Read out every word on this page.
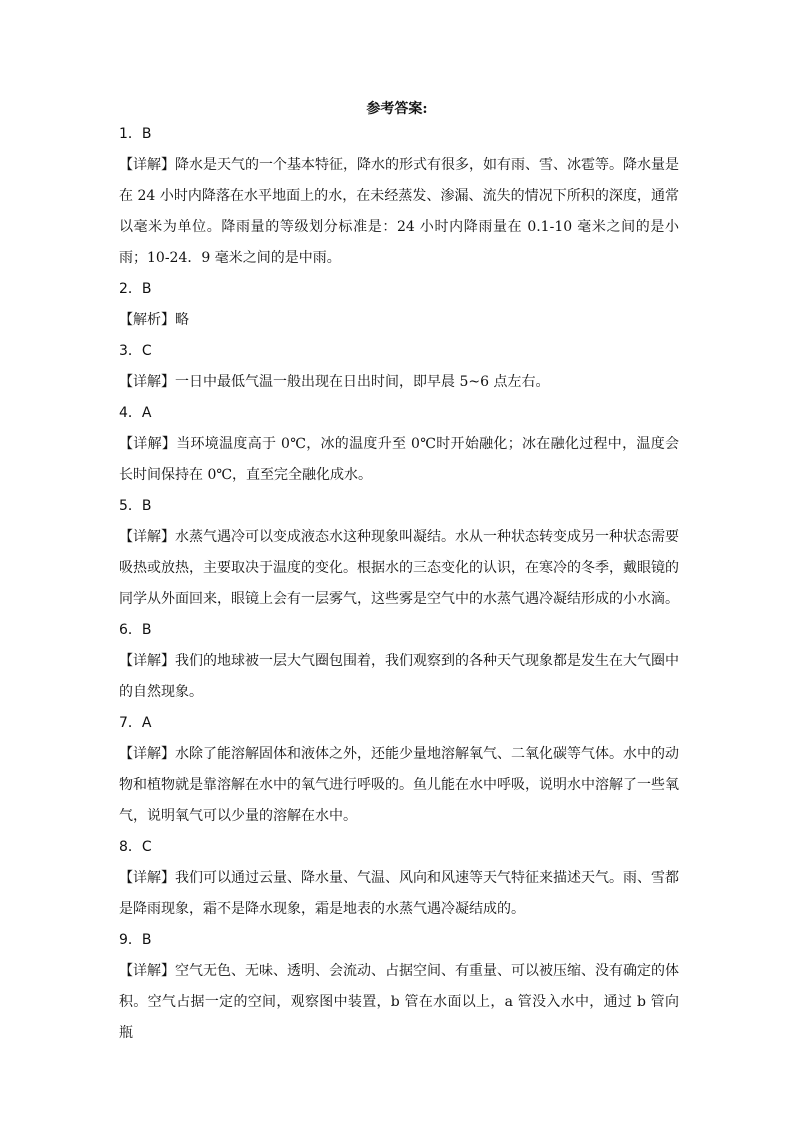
参考答案:

1．B

【详解】降水是天气的一个基本特征，降水的形式有很多，如有雨、雪、冰雹等。降水量是在 24 小时内降落在水平地面上的水，在未经蒸发、渗漏、流失的情况下所积的深度，通常以毫米为单位。降雨量的等级划分标准是：24 小时内降雨量在 0.1-10 毫米之间的是小雨；10-24．9 毫米之间的是中雨。

2．B

【解析】略

3．C

【详解】一日中最低气温一般出现在日出时间，即早晨 5~6 点左右。

4．A

【详解】当环境温度高于 0℃，冰的温度升至 0℃时开始融化；冰在融化过程中，温度会长时间保持在 0℃，直至完全融化成水。

5．B

【详解】水蒸气遇冷可以变成液态水这种现象叫凝结。水从一种状态转变成另一种状态需要吸热或放热，主要取决于温度的变化。根据水的三态变化的认识，在寒冷的冬季，戴眼镜的同学从外面回来，眼镜上会有一层雾气，这些雾是空气中的水蒸气遇冷凝结形成的小水滴。

6．B

【详解】我们的地球被一层大气圈包围着，我们观察到的各种天气现象都是发生在大气圈中的自然现象。

7．A

【详解】水除了能溶解固体和液体之外，还能少量地溶解氧气、二氧化碳等气体。水中的动物和植物就是靠溶解在水中的氧气进行呼吸的。鱼儿能在水中呼吸，说明水中溶解了一些氧气，说明氧气可以少量的溶解在水中。

8．C

【详解】我们可以通过云量、降水量、气温、风向和风速等天气特征来描述天气。雨、雪都是降雨现象，霜不是降水现象，霜是地表的水蒸气遇冷凝结成的。

9．B

【详解】空气无色、无味、透明、会流动、占据空间、有重量、可以被压缩、没有确定的体积。空气占据一定的空间，观察图中装置，b 管在水面以上，a 管没入水中，通过 b 管向瓶
